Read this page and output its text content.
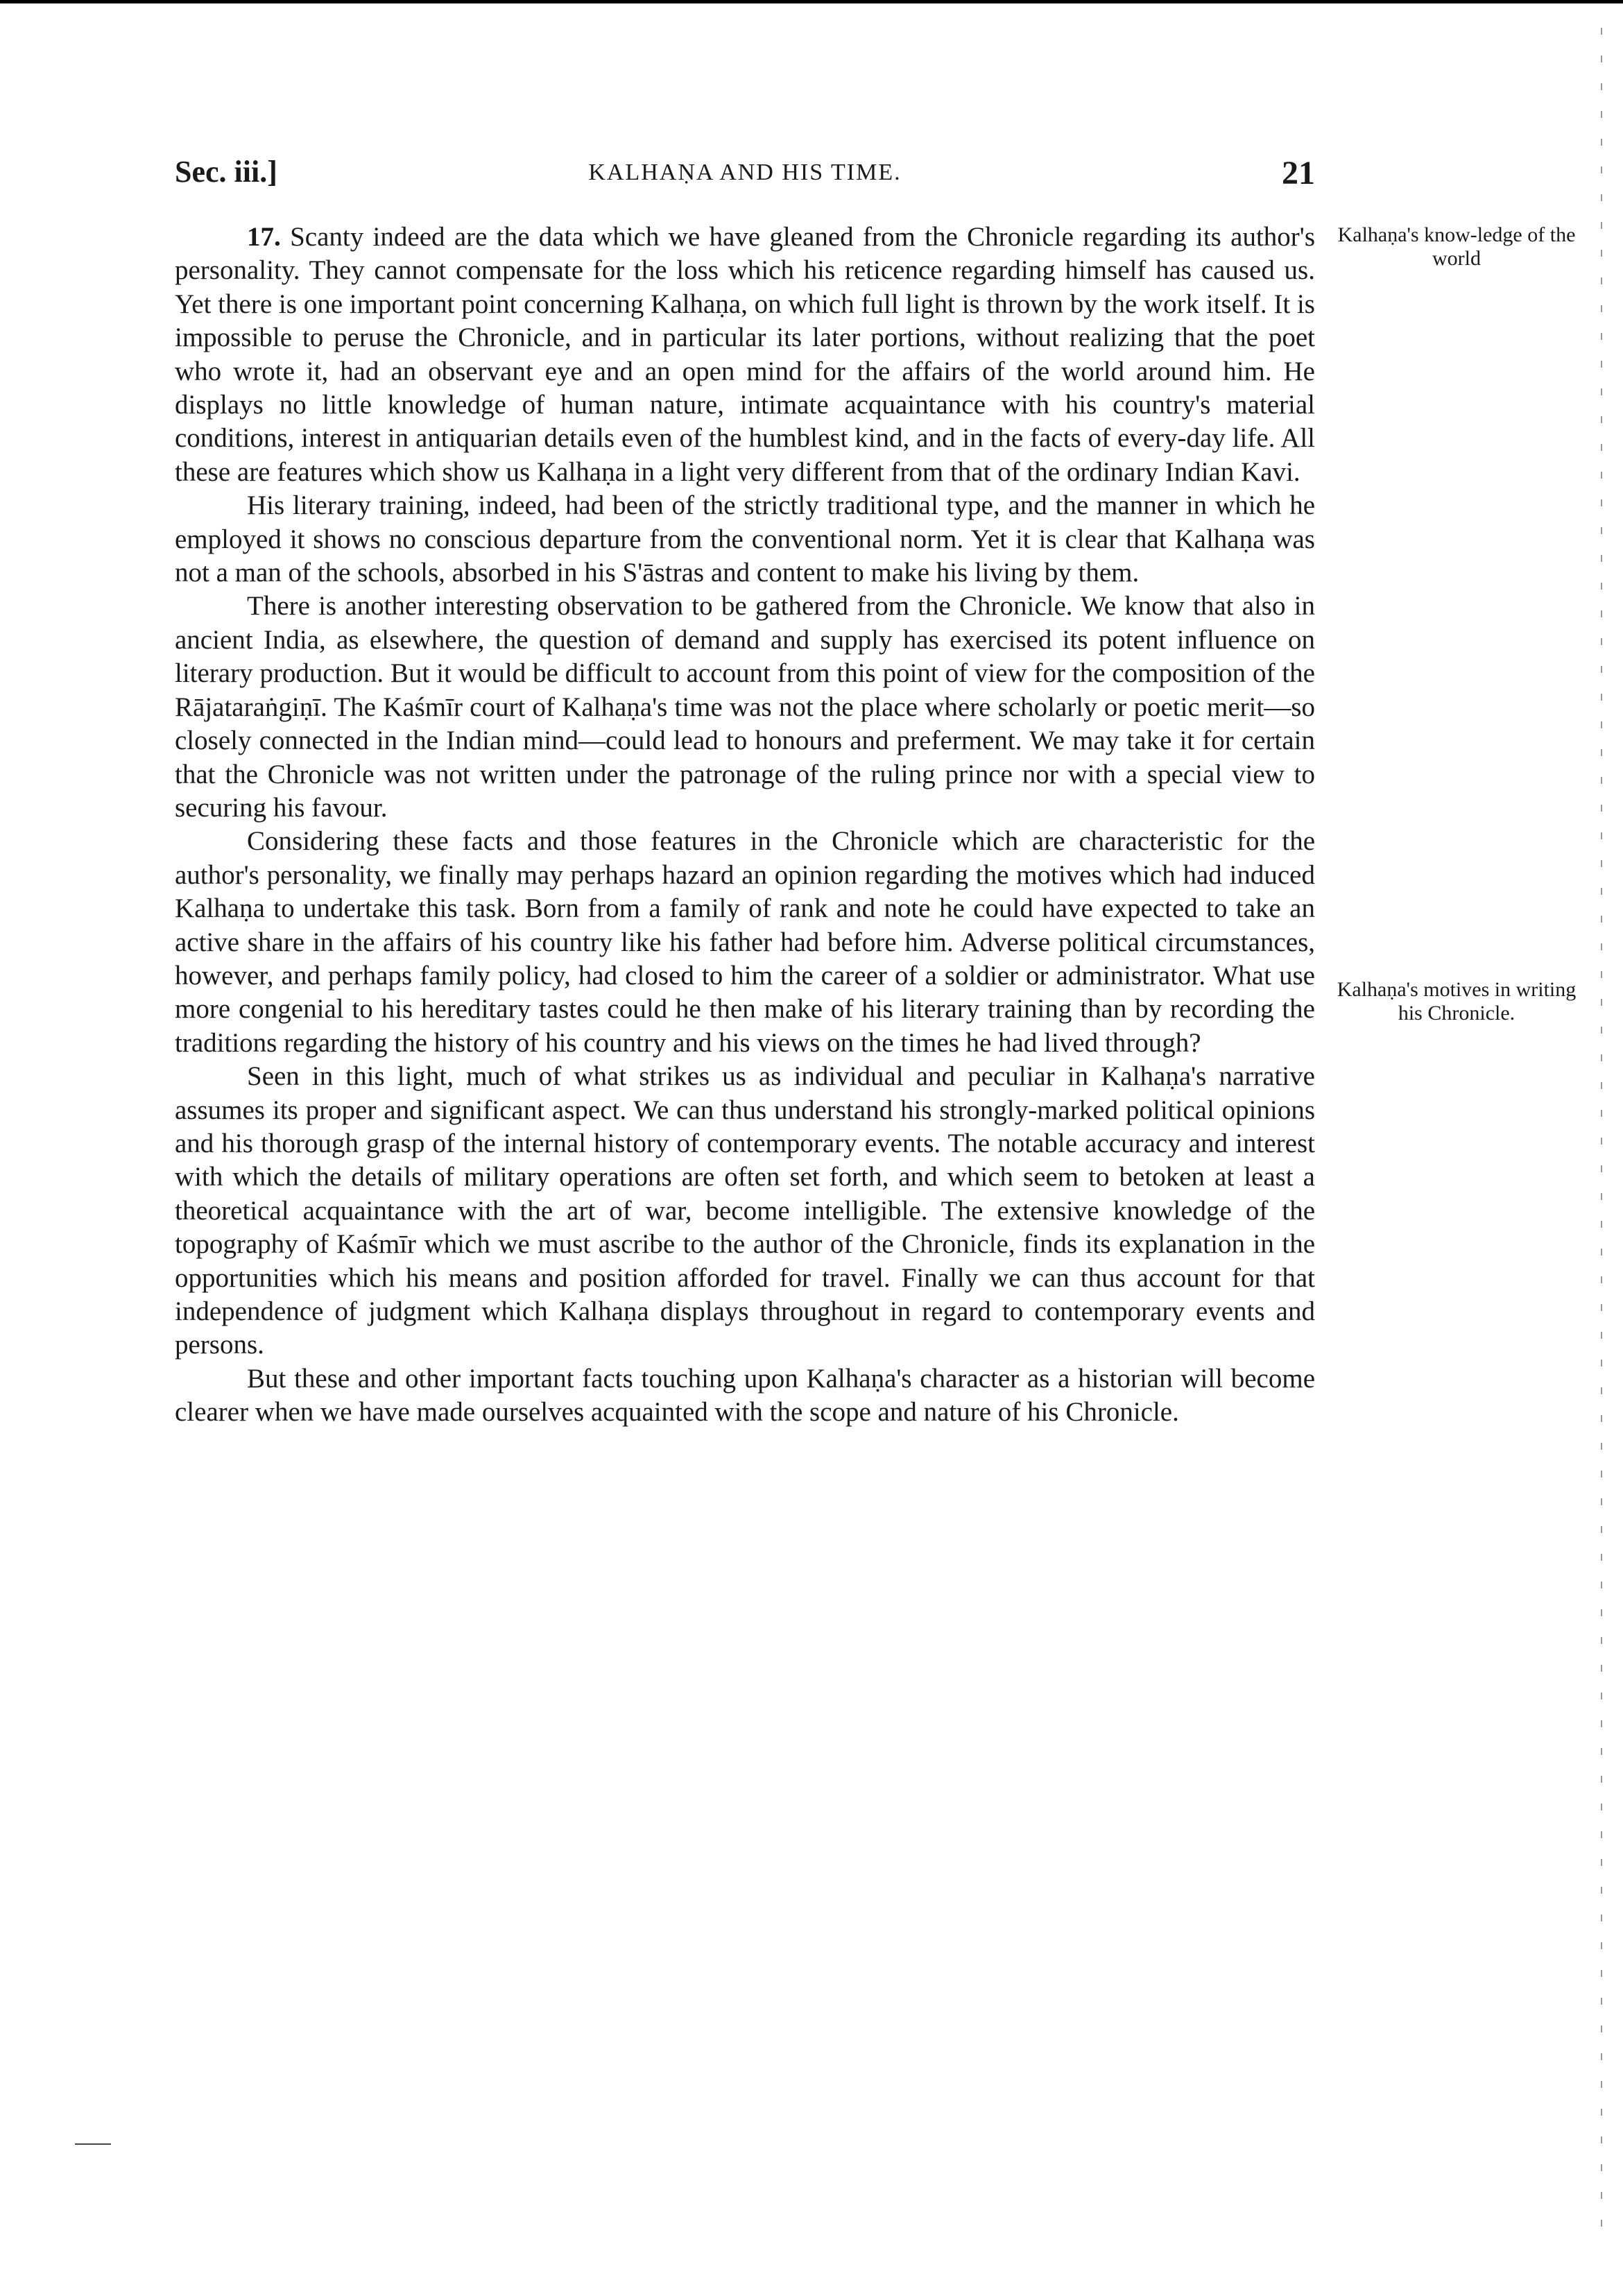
Sec. iii.]	KALHAṆA AND HIS TIME.	21

17. Scanty indeed are the data which we have gleaned from the Chronicle regarding its author's personality. They cannot compensate for the loss which his reticence regarding himself has caused us. Yet there is one important point concerning Kalhaṇa, on which full light is thrown by the work itself. It is impossible to peruse the Chronicle, and in particular its later portions, without realizing that the poet who wrote it, had an observant eye and an open mind for the affairs of the world around him. He displays no little knowledge of human nature, intimate acquaintance with his country's material conditions, interest in antiquarian details even of the humblest kind, and in the facts of every-day life. All these are features which show us Kalhaṇa in a light very different from that of the ordinary Indian Kavi.

His literary training, indeed, had been of the strictly traditional type, and the manner in which he employed it shows no conscious departure from the conventional norm. Yet it is clear that Kalhaṇa was not a man of the schools, absorbed in his S'āstras and content to make his living by them.

There is another interesting observation to be gathered from the Chronicle. We know that also in ancient India, as elsewhere, the question of demand and supply has exercised its potent influence on literary production. But it would be difficult to account from this point of view for the composition of the Rājataraṅgiṇī. The Kaśmīr court of Kalhaṇa's time was not the place where scholarly or poetic merit—so closely connected in the Indian mind—could lead to honours and preferment. We may take it for certain that the Chronicle was not written under the patronage of the ruling prince nor with a special view to securing his favour.

Considering these facts and those features in the Chronicle which are characteristic for the author's personality, we finally may perhaps hazard an opinion regarding the motives which had induced Kalhaṇa to undertake this task. Born from a family of rank and note he could have expected to take an active share in the affairs of his country like his father had before him. Adverse political circumstances, however, and perhaps family policy, had closed to him the career of a soldier or administrator. What use more congenial to his hereditary tastes could he then make of his literary training than by recording the traditions regarding the history of his country and his views on the times he had lived through?

Seen in this light, much of what strikes us as individual and peculiar in Kalhaṇa's narrative assumes its proper and significant aspect. We can thus understand his strongly-marked political opinions and his thorough grasp of the internal history of contemporary events. The notable accuracy and interest with which the details of military operations are often set forth, and which seem to betoken at least a theoretical acquaintance with the art of war, become intelligible. The extensive knowledge of the topography of Kaśmīr which we must ascribe to the author of the Chronicle, finds its explanation in the opportunities which his means and position afforded for travel. Finally we can thus account for that independence of judgment which Kalhaṇa displays throughout in regard to contemporary events and persons.

But these and other important facts touching upon Kalhaṇa's character as a historian will become clearer when we have made ourselves acquainted with the scope and nature of his Chronicle.

Kalhaṇa's know-ledge of the world
Kalhaṇa's motives in writing his Chronicle.
